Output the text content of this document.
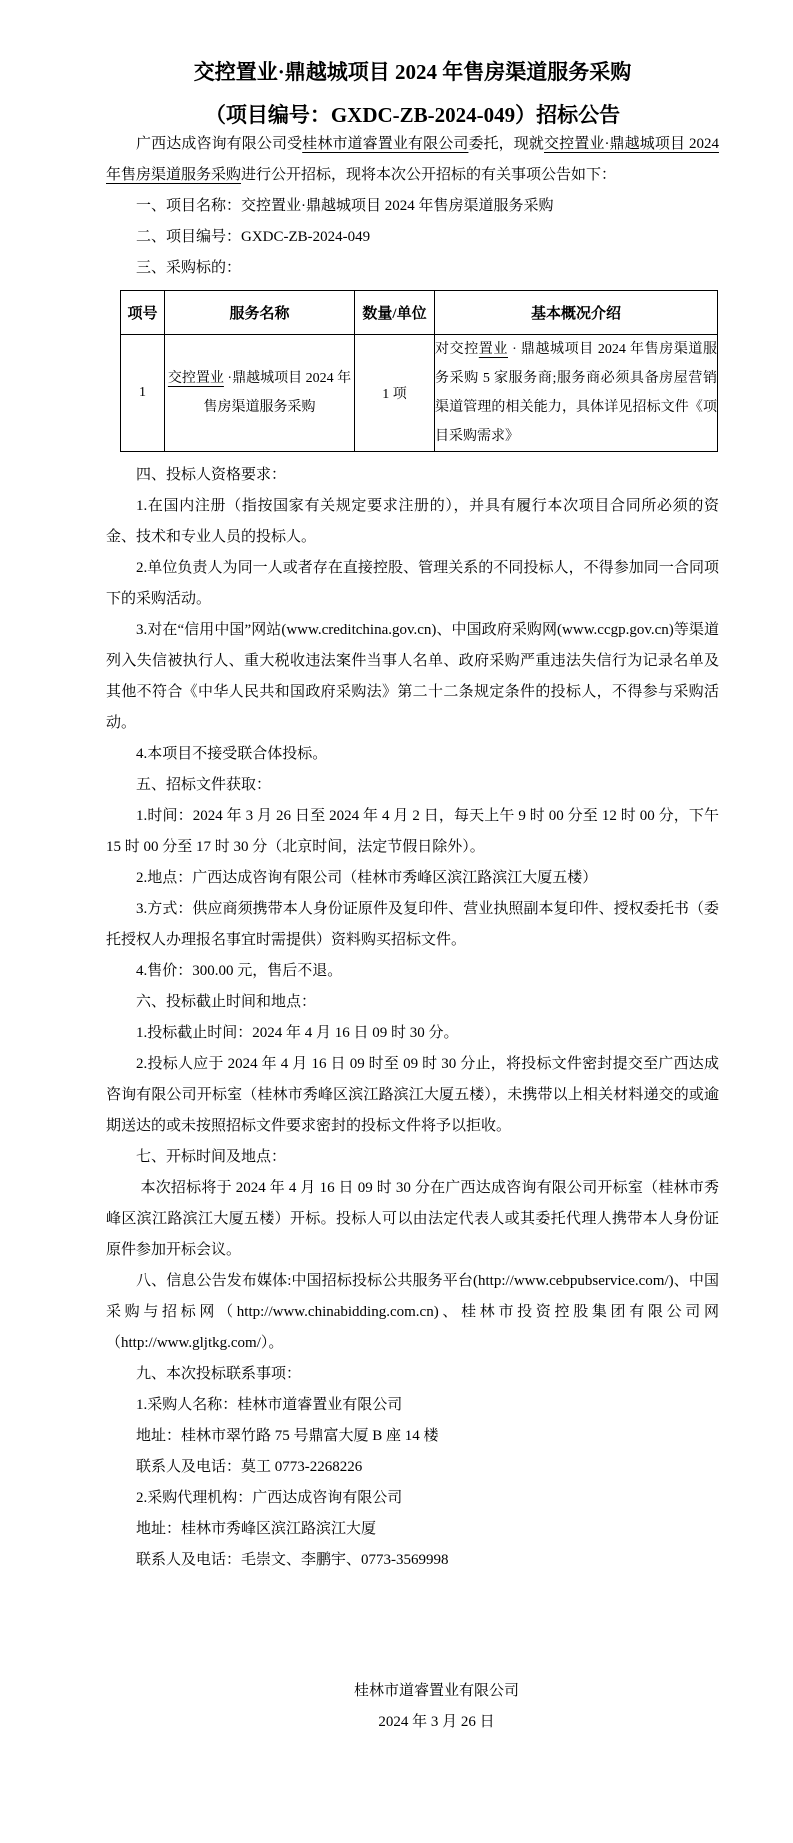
交控置业·鼎越城项目 2024 年售房渠道服务采购
（项目编号：GXDC-ZB-2024-049）招标公告

广西达成咨询有限公司受桂林市道睿置业有限公司委托，现就交控置业·鼎越城项目 2024 年售房渠道服务采购进行公开招标，现将本次公开招标的有关事项公告如下：

一、项目名称：交控置业·鼎越城项目 2024 年售房渠道服务采购

二、项目编号：GXDC-ZB-2024-049

三、采购标的：

项号	服务名称	数量/单位	基本概况介绍
1	交控置业 ·鼎越城项目 2024 年售房渠道服务采购	1 项	对交控置业 · 鼎越城项目 2024 年售房渠道服务采购 5 家服务商;服务商必须具备房屋营销渠道管理的相关能力，具体详见招标文件《项目采购需求》

四、投标人资格要求：

1.在国内注册（指按国家有关规定要求注册的），并具有履行本次项目合同所必须的资金、技术和专业人员的投标人。

2.单位负责人为同一人或者存在直接控股、管理关系的不同投标人，不得参加同一合同项下的采购活动。

3.对在“信用中国”网站(www.creditchina.gov.cn)、中国政府采购网(www.ccgp.gov.cn)等渠道列入失信被执行人、重大税收违法案件当事人名单、政府采购严重违法失信行为记录名单及其他不符合《中华人民共和国政府采购法》第二十二条规定条件的投标人，不得参与采购活动。

4.本项目不接受联合体投标。

五、招标文件获取：

1.时间：2024 年 3 月 26 日至 2024 年 4 月 2 日，每天上午 9 时 00 分至 12 时 00 分，下午 15 时 00 分至 17 时 30 分（北京时间，法定节假日除外）。

2.地点：广西达成咨询有限公司（桂林市秀峰区滨江路滨江大厦五楼）

3.方式：供应商须携带本人身份证原件及复印件、营业执照副本复印件、授权委托书（委托授权人办理报名事宜时需提供）资料购买招标文件。

4.售价：300.00 元，售后不退。

六、投标截止时间和地点：

1.投标截止时间：2024 年 4 月 16 日 09 时 30 分。

2.投标人应于 2024 年 4 月 16 日 09 时至 09 时 30 分止，将投标文件密封提交至广西达成咨询有限公司开标室（桂林市秀峰区滨江路滨江大厦五楼），未携带以上相关材料递交的或逾期送达的或未按照招标文件要求密封的投标文件将予以拒收。

七、开标时间及地点：

本次招标将于 2024 年 4 月 16 日 09 时 30 分在广西达成咨询有限公司开标室（桂林市秀峰区滨江路滨江大厦五楼）开标。投标人可以由法定代表人或其委托代理人携带本人身份证原件参加开标会议。

八、信息公告发布媒体:中国招标投标公共服务平台(http://www.cebpubservice.com/)、中国采购与招标网（http://www.chinabidding.com.cn)、桂林市投资控股集团有限公司网（http://www.gljtkg.com/）。

九、本次投标联系事项：

1.采购人名称：桂林市道睿置业有限公司

地址：桂林市翠竹路 75 号鼎富大厦 B 座 14 楼

联系人及电话：莫工 0773-2268226

2.采购代理机构：广西达成咨询有限公司

地址：桂林市秀峰区滨江路滨江大厦

联系人及电话：毛崇文、李鹏宇、0773-3569998

桂林市道睿置业有限公司

2024 年 3 月 26 日
